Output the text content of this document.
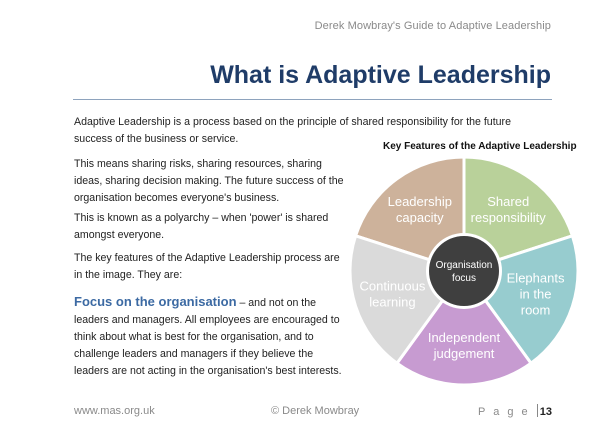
Derek Mowbray's Guide to Adaptive Leadership
What is Adaptive Leadership

Adaptive Leadership is a process based on the principle of shared responsibility for the future success of the business or service.

This means sharing risks, sharing resources, sharing ideas, sharing decision making. The future success of the organisation becomes everyone's business.

This is known as a polyarchy – when 'power' is shared amongst everyone.

The key features of the Adaptive Leadership process are in the image. They are:

Focus on the organisation – and not on the leaders and managers. All employees are encouraged to think about what is best for the organisation, and to challenge leaders and managers if they believe the leaders are not acting in the organisation's best interests.

Key Features of the Adaptive Leadership
Leadership capacity
Shared responsibility
Elephants in the room
Independent judgement
Continuous learning
Organisation focus
www.mas.org.uk	© Derek Mowbray	P a g e 13
